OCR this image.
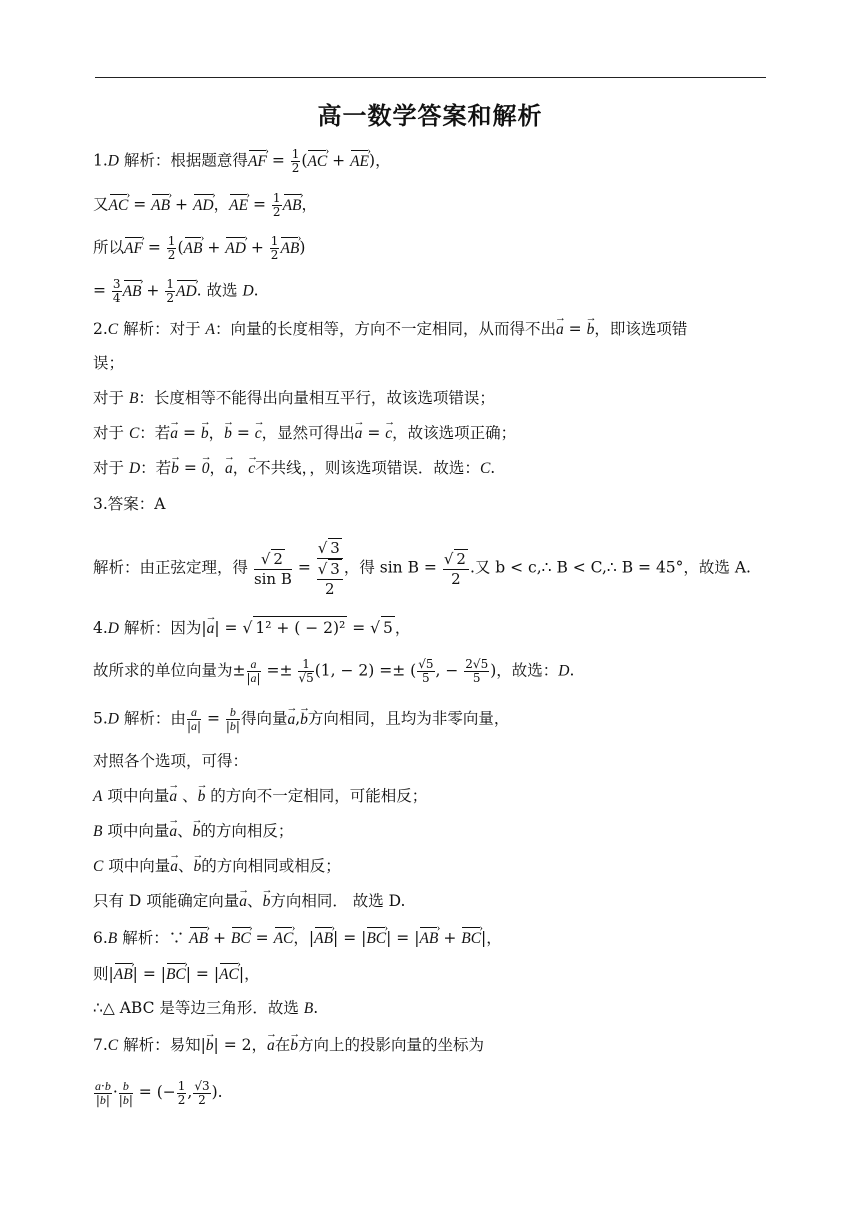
高一数学答案和解析
1.D 解析：根据题意得AF › = $\frac{1}{2} (AC$ › + AE ›)，
又AC › = AB › + AD ›，AE › = $\frac{1}{2}$ AB ›，
所以AF › = $\frac{1}{2} (AB$ › + AD › + $\frac{1}{2}$ AB ›)
= $\frac{3}{4}$ AB › + $\frac{1}{2}$ AD ›. 故选 D.
2.C 解析：对于 A：向量的长度相等，方向不一定相同，从而得不出a → = b →，即该选项错
误；
对于 B：长度相等不能得出向量相互平行，故该选项错误；
对于 C：若a → = b →，b → = c →，显然可得出a → = c →，故该选项正确；
对于 D：若b → = 0 →，a →，c →不共线，，则该选项错误．故选：C.
3.答案：A
解析：由正弦定理，得 $\frac{√ 2}{\text{sin B}}$ = √ 3
√ 3
2 ，得 $\sin B = \frac{√ 2}{2}$ .又 b < c,∴ B < C,∴ B = 45°，故选 A.
4.D 解析：因为|a →| = √ 1² + ( − 2)² = √ 5 ，
故所求的单位向量为± $\frac{a}{|a|} =\pm \frac{1}{√5} (1$, − 2) =± ( $\frac{√5}{5}$ , − $\frac{2√5}{5}$ )，故选：D.
5.D 解析：由 $\frac{a}{|a|} = \frac{b}{|b|}$ 得向量a →,b →方向相同，且均为非零向量，
对照各个选项，可得：
A 项中向量a → 、b → 的方向不一定相同，可能相反；
B 项中向量a →、b →的方向相反；
C 项中向量a →、b →的方向相同或相反；
只有 D 项能确定向量a →、b →方向相同． 故选 D.
6.B 解析：∵ AB › + BC › = AC ›，|AB ›| = |BC ›| = |AB › + BC ›|，
则|AB ›| = |BC ›| = |AC ›|，
∴△ ABC 是等边三角形．故选 B.
7.C 解析：易知|b →| = 2，a →在b →方向上的投影向量的坐标为
$\frac{a\cdot b}{|b|} \cdot \frac{b}{|b|}$ = (− $\frac{1}{2}$ , $\frac{√3}{2}$ ).
